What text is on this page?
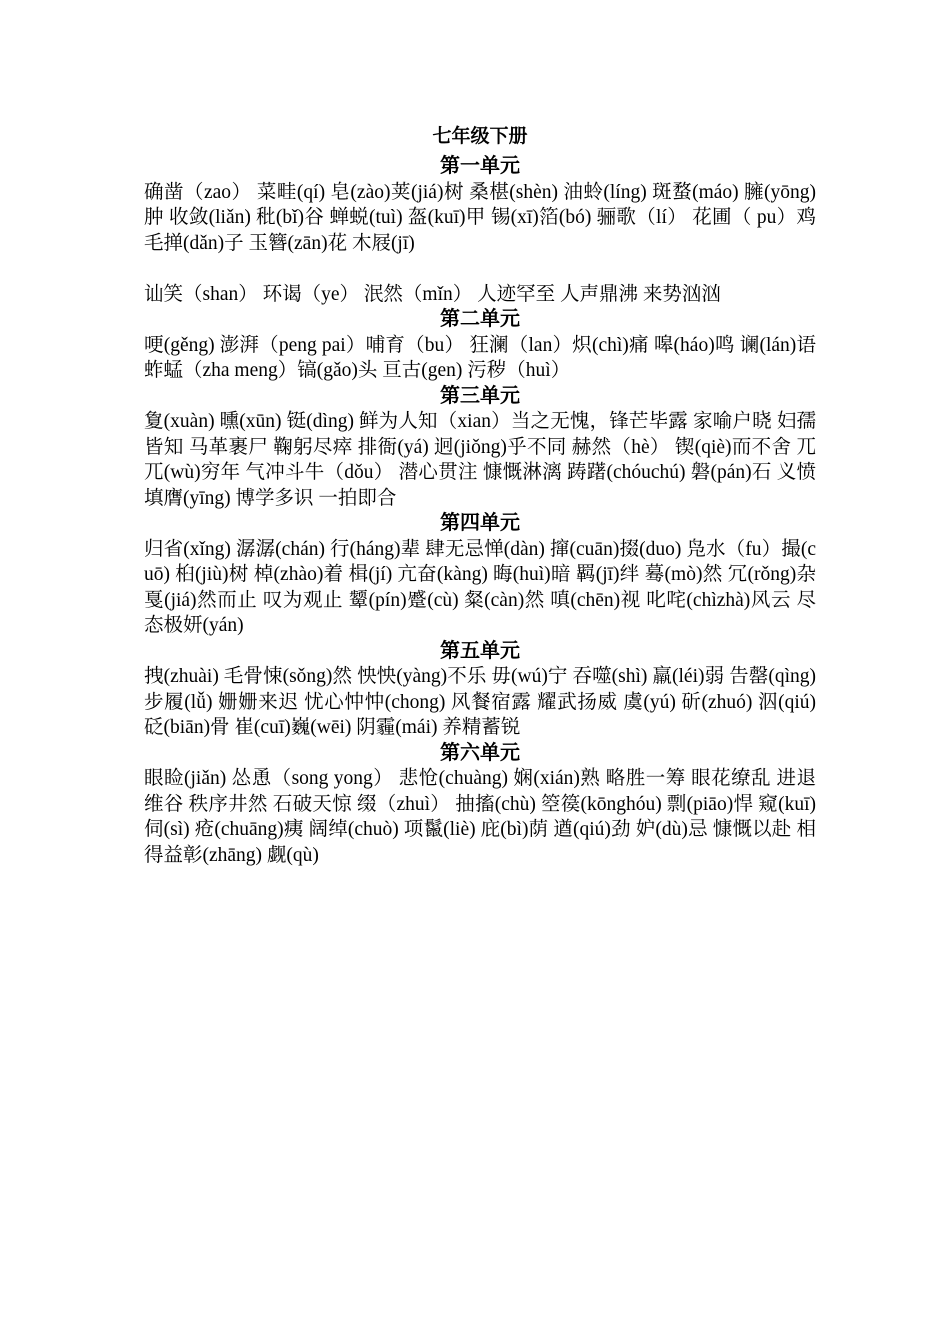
七年级下册
第一单元

确凿（zao） 菜畦(qí) 皂(zào)荚(jiá)树 桑椹(shèn) 油蛉(líng) 斑蝥(máo) 臃(yōng)肿 收敛(liǎn) 秕(bǐ)谷 蝉蜕(tuì) 盔(kuī)甲 锡(xī)箔(bó) 骊歌（lí） 花圃（ pu）鸡毛掸(dǎn)子 玉簪(zān)花 木屐(jī)

讪笑（shan） 环谒（ye） 泯然（mǐn） 人迹罕至 人声鼎沸 来势汹汹

第二单元

哽(gěng) 澎湃（peng pai）哺育（bu） 狂澜（lan）炽(chì)痛 嗥(háo)鸣 谰(lán)语 蚱蜢（zha meng）镐(gǎo)头 亘古(gen) 污秽（huì）

第三单元

夐(xuàn) 曛(xūn) 铤(dìng) 鲜为人知（xian）当之无愧，锋芒毕露 家喻户晓 妇孺皆知 马革裹尸 鞠躬尽瘁 排衙(yá) 迥(jiǒng)乎不同 赫然（hè） 锲(qiè)而不舍 兀兀(wù)穷年 气冲斗牛（dǒu） 潜心贯注 慷慨淋漓 踌躇(chóuchú) 磐(pán)石 义愤填膺(yīng) 博学多识 一拍即合

第四单元

归省(xǐng) 潺潺(chán) 行(háng)辈 肆无忌惮(dàn) 撺(cuān)掇(duo) 凫水（fu）撮(cuō) 桕(jiù)树 棹(zhào)着 楫(jí) 亢奋(kàng) 晦(huì)暗 羁(jī)绊 蓦(mò)然 冗(rǒng)杂 戛(jiá)然而止 叹为观止 颦(pín)蹙(cù) 粲(càn)然 嗔(chēn)视 叱咤(chìzhà)风云 尽态极妍(yán)

第五单元

拽(zhuài) 毛骨悚(sǒng)然 怏怏(yàng)不乐 毋(wú)宁 吞噬(shì) 羸(léi)弱 告罄(qìng) 步履(lǚ) 姗姗来迟 忧心忡忡(chong) 风餐宿露 耀武扬威 虞(yú) 斫(zhuó) 泅(qiú) 砭(biān)骨 崔(cuī)巍(wēi) 阴霾(mái) 养精蓄锐

第六单元

眼睑(jiǎn) 怂恿（song yong） 悲怆(chuàng) 娴(xián)熟 略胜一筹 眼花缭乱 进退维谷 秩序井然 石破天惊 缀（zhuì） 抽搐(chù) 箜篌(kōnghóu) 剽(piāo)悍 窥(kuī)伺(sì) 疮(chuāng)痍 阔绰(chuò) 项鬣(liè) 庇(bì)荫 遒(qiú)劲 妒(dù)忌 慷慨以赴 相得益彰(zhāng) 觑(qù)
